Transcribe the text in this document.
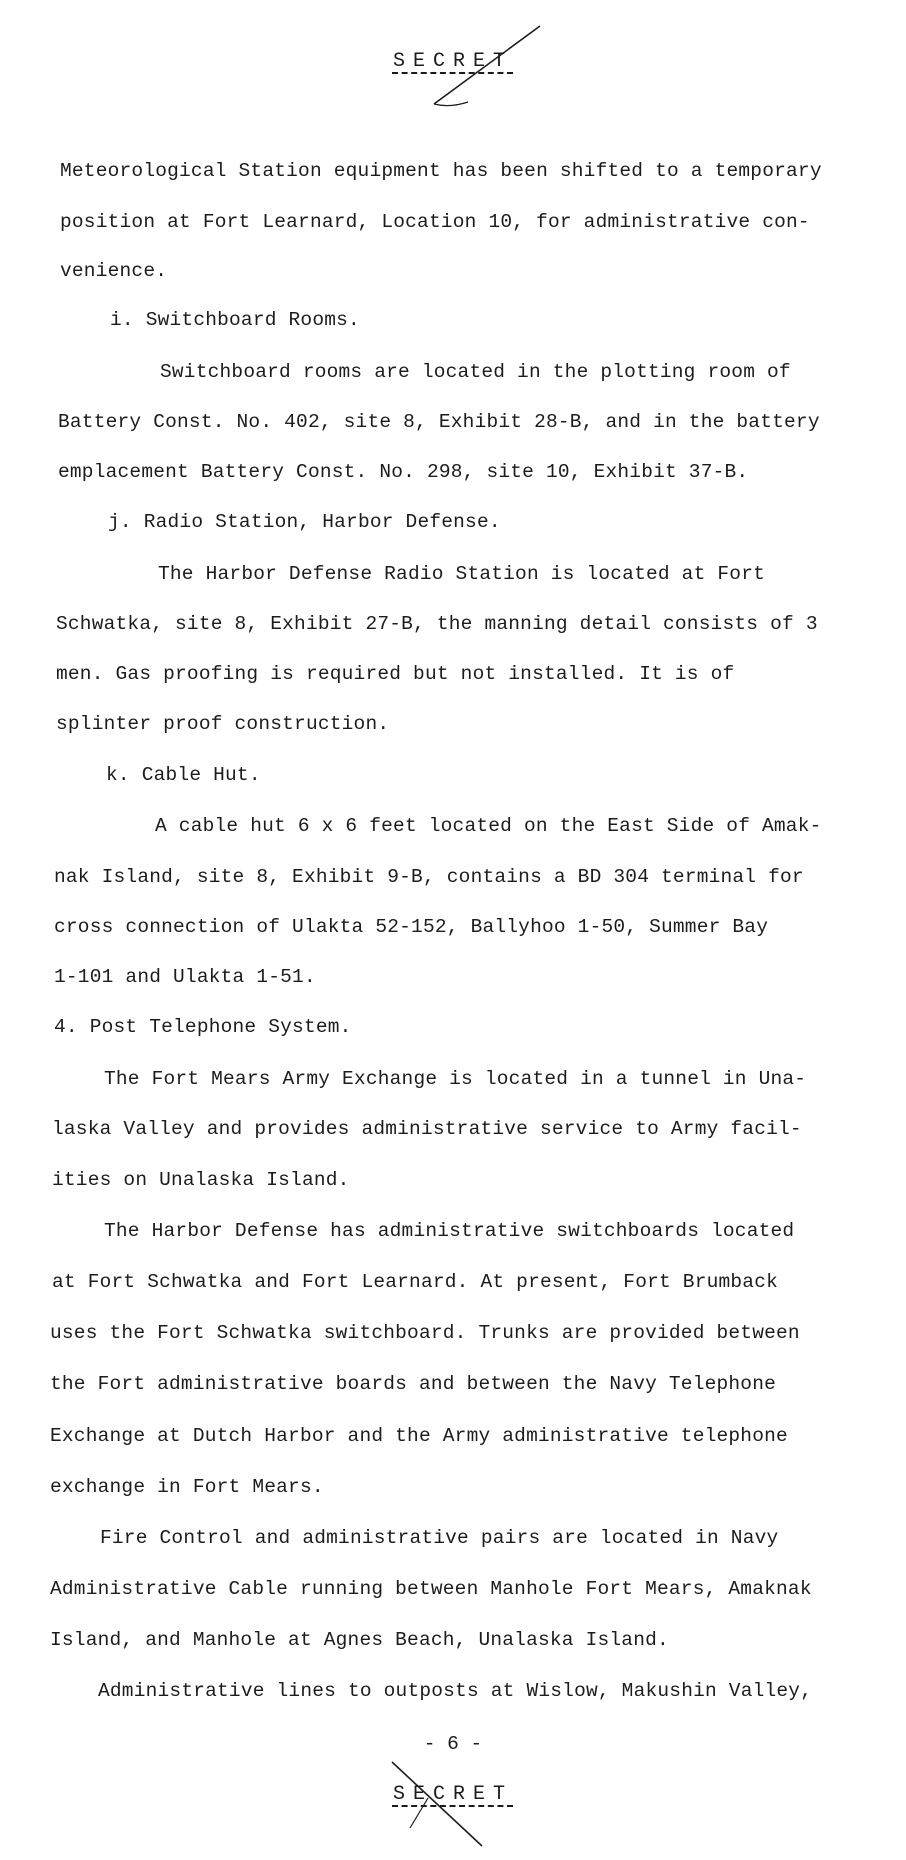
SECRET
Meteorological Station equipment has been shifted to a temporary
position at Fort Learnard, Location 10, for administrative con-
venience.
i. Switchboard Rooms.
Switchboard rooms are located in the plotting room of
Battery Const. No. 402, site 8, Exhibit 28-B, and in the battery
emplacement Battery Const. No. 298, site 10, Exhibit 37-B.
j. Radio Station, Harbor Defense.
The Harbor Defense Radio Station is located at Fort
Schwatka, site 8, Exhibit 27-B, the manning detail consists of 3
men. Gas proofing is required but not installed. It is of
splinter proof construction.
k. Cable Hut.
A cable hut 6 x 6 feet located on the East Side of Amak-
nak Island, site 8, Exhibit 9-B, contains a BD 304 terminal for
cross connection of Ulakta 52-152, Ballyhoo 1-50, Summer Bay
1-101 and Ulakta 1-51.
4. Post Telephone System.
The Fort Mears Army Exchange is located in a tunnel in Una-
laska Valley and provides administrative service to Army facil-
ities on Unalaska Island.
The Harbor Defense has administrative switchboards located
at Fort Schwatka and Fort Learnard. At present, Fort Brumback
uses the Fort Schwatka switchboard. Trunks are provided between
the Fort administrative boards and between the Navy Telephone
Exchange at Dutch Harbor and the Army administrative telephone
exchange in Fort Mears.
Fire Control and administrative pairs are located in Navy
Administrative Cable running between Manhole Fort Mears, Amaknak
Island, and Manhole at Agnes Beach, Unalaska Island.
Administrative lines to outposts at Wislow, Makushin Valley,
- 6 -
SECRET
